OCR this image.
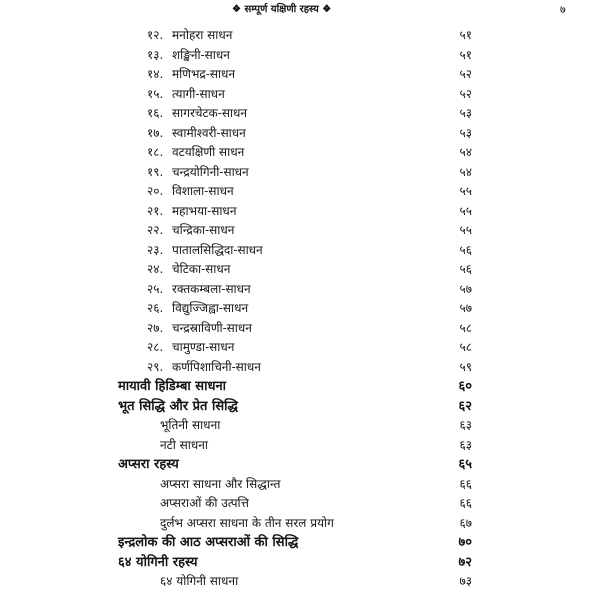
❖ सम्पूर्ण यक्षिणी रहस्य ❖	७
१२. मनोहरा साधन	५१
१३. शङ्खिनी-साधन	५१
१४. मणिभद्र-साधन	५२
१५. त्यागी-साधन	५२
१६. सागरचेटक-साधन	५३
१७. स्वामीश्वरी-साधन	५३
१८. वटयक्षिणी साधन	५४
१९. चन्द्रयोगिनी-साधन	५४
२०. विशाला-साधन	५५
२१. महाभया-साधन	५५
२२. चन्द्रिका-साधन	५५
२३. पातालसिद्धिदा-साधन	५६
२४. चेटिका-साधन	५६
२५. रक्तकम्बला-साधन	५७
२६. विद्युज्जिह्वा-साधन	५७
२७. चन्द्रस्राविणी-साधन	५८
२८. चामुण्डा-साधन	५८
२९. कर्णपिशाचिनी-साधन	५९
मायावी हिडिम्बा साधना	६०
भूत सिद्धि और प्रेत सिद्धि	६२
भूतिनी साधना	६३
नटी साधना	६३
अप्सरा रहस्य	६५
अप्सरा साधना और सिद्धान्त	६६
अप्सराओं की उत्पत्ति	६६
दुर्लभ अप्सरा साधना के तीन सरल प्रयोग	६७
इन्द्रलोक की आठ अप्सराओं की सिद्धि	७०
६४ योगिनी रहस्य	७२
६४ योगिनी साधना	७३
